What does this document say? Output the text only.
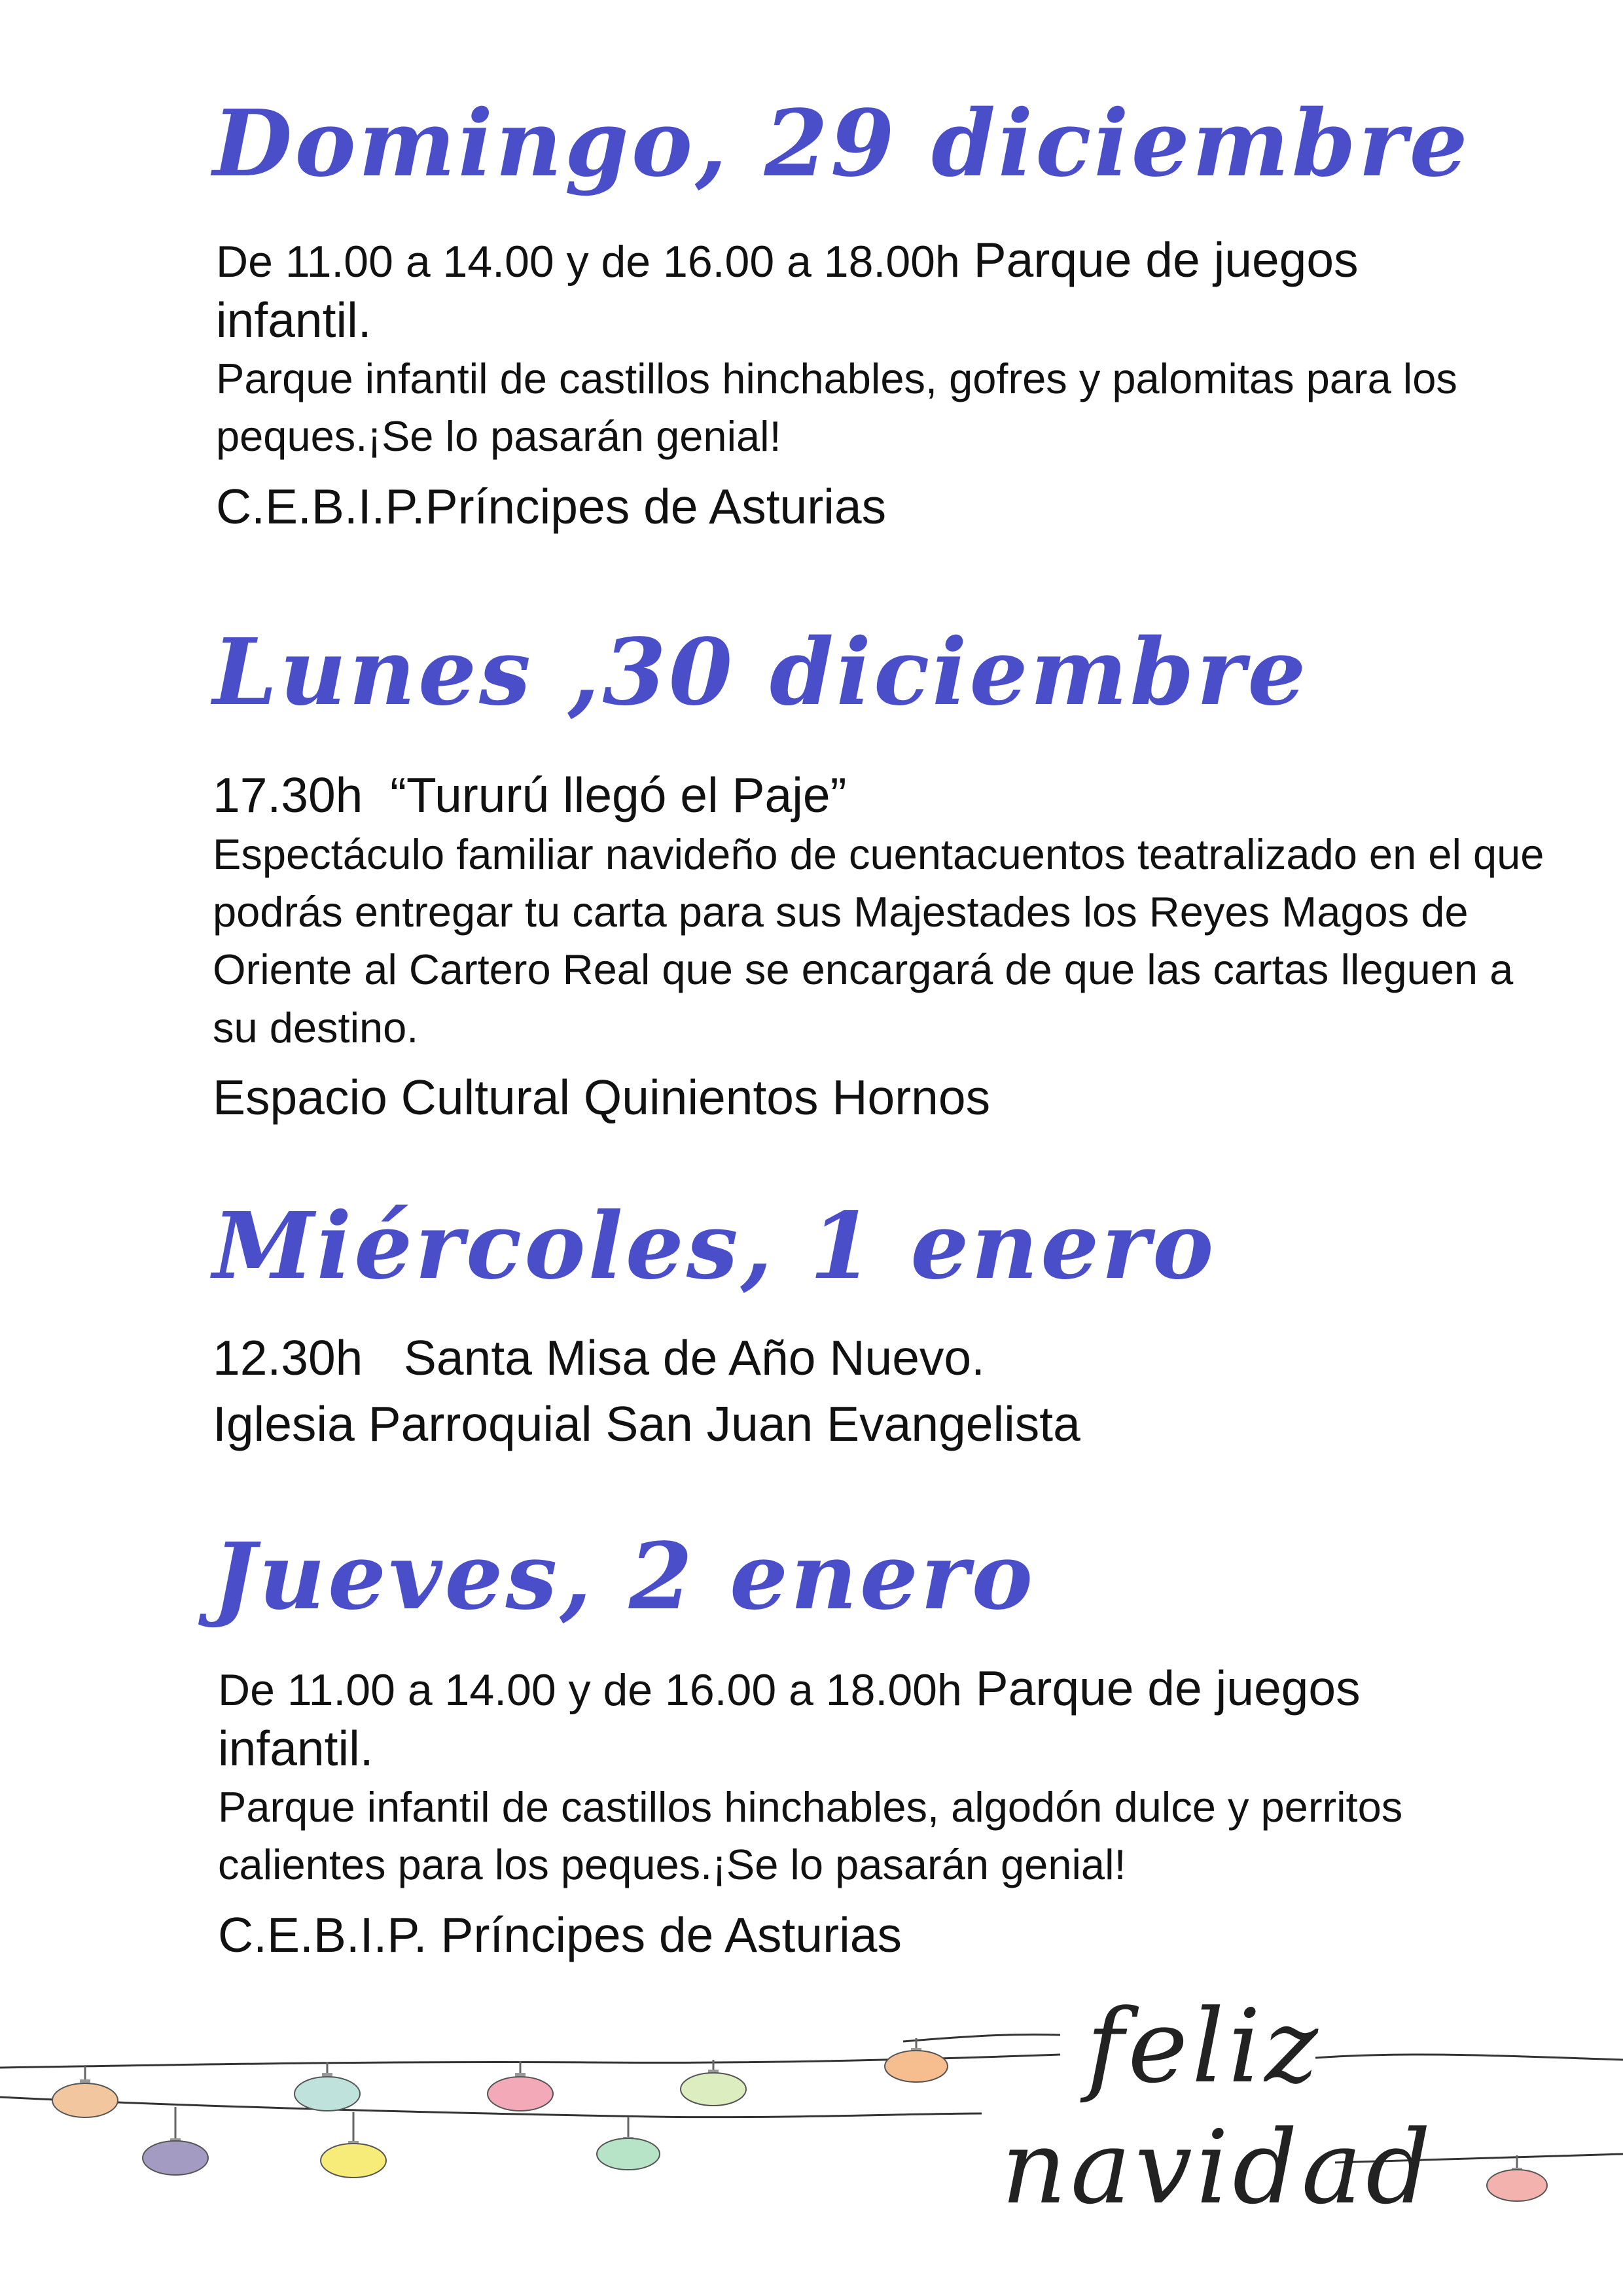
Domingo, 29 diciembre

De 11.00 a 14.00 y de 16.00 a 18.00h Parque de juegos infantil.

Parque infantil de castillos hinchables, gofres y palomitas para los peques.¡Se lo pasarán genial!

C.E.B.I.P.Príncipes de Asturias

Lunes ,30 diciembre

17.30h  “Tururú llegó el Paje”

Espectáculo familiar navideño de cuentacuentos teatralizado en el que podrás entregar tu carta para sus Majestades los Reyes Magos de Oriente al Cartero Real que se encargará de que las cartas lleguen a su destino.

Espacio Cultural Quinientos Hornos

Miércoles, 1 enero

12.30h   Santa Misa de Año Nuevo.

Iglesia Parroquial San Juan Evangelista

Jueves, 2 enero

De 11.00 a 14.00 y de 16.00 a 18.00h Parque de juegos infantil.

Parque infantil de castillos hinchables, algodón dulce y perritos calientes para los peques.¡Se lo pasarán genial!

C.E.B.I.P. Príncipes de Asturias

feliz
navidad
